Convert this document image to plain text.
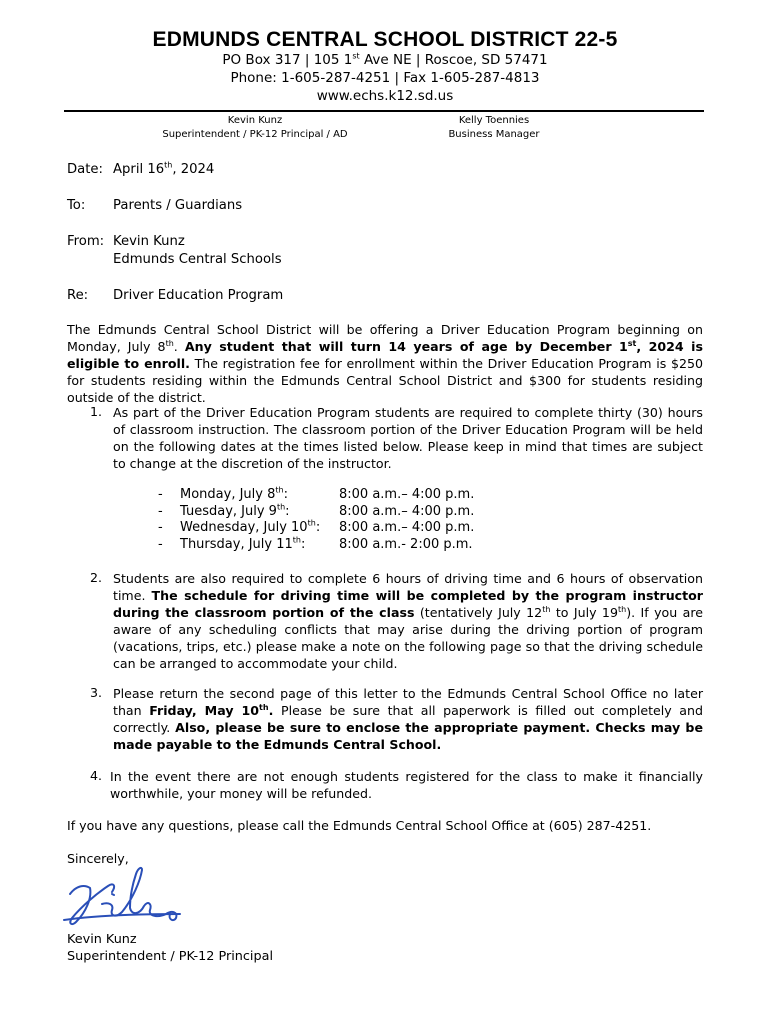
EDMUNDS CENTRAL SCHOOL DISTRICT 22-5
PO Box 317 | 105 1st Ave NE | Roscoe, SD 57471
Phone: 1-605-287-4251 | Fax 1-605-287-4813
www.echs.k12.sd.us
Kevin Kunz
Superintendent / PK-12 Principal / AD
Kelly Toennies
Business Manager
Date: April 16th, 2024
To: Parents / Guardians
From: Kevin Kunz
Edmunds Central Schools
Re: Driver Education Program
The Edmunds Central School District will be offering a Driver Education Program beginning on Monday, July 8th. Any student that will turn 14 years of age by December 1st, 2024 is eligible to enroll. The registration fee for enrollment within the Driver Education Program is $250 for students residing within the Edmunds Central School District and $300 for students residing outside of the district.
1. As part of the Driver Education Program students are required to complete thirty (30) hours of classroom instruction. The classroom portion of the Driver Education Program will be held on the following dates at the times listed below. Please keep in mind that times are subject to change at the discretion of the instructor.
- Monday, July 8th:	8:00 a.m.– 4:00 p.m.
- Tuesday, July 9th:	8:00 a.m.– 4:00 p.m.
- Wednesday, July 10th: 8:00 a.m.– 4:00 p.m.
- Thursday, July 11th:	8:00 a.m.- 2:00 p.m.
2. Students are also required to complete 6 hours of driving time and 6 hours of observation time. The schedule for driving time will be completed by the program instructor during the classroom portion of the class (tentatively July 12th to July 19th). If you are aware of any scheduling conflicts that may arise during the driving portion of program (vacations, trips, etc.) please make a note on the following page so that the driving schedule can be arranged to accommodate your child.
3. Please return the second page of this letter to the Edmunds Central School Office no later than Friday, May 10th. Please be sure that all paperwork is filled out completely and correctly. Also, please be sure to enclose the appropriate payment. Checks may be made payable to the Edmunds Central School.
4. In the event there are not enough students registered for the class to make it financially worthwhile, your money will be refunded.
If you have any questions, please call the Edmunds Central School Office at (605) 287-4251.
Sincerely,
Kevin Kunz
Superintendent / PK-12 Principal
